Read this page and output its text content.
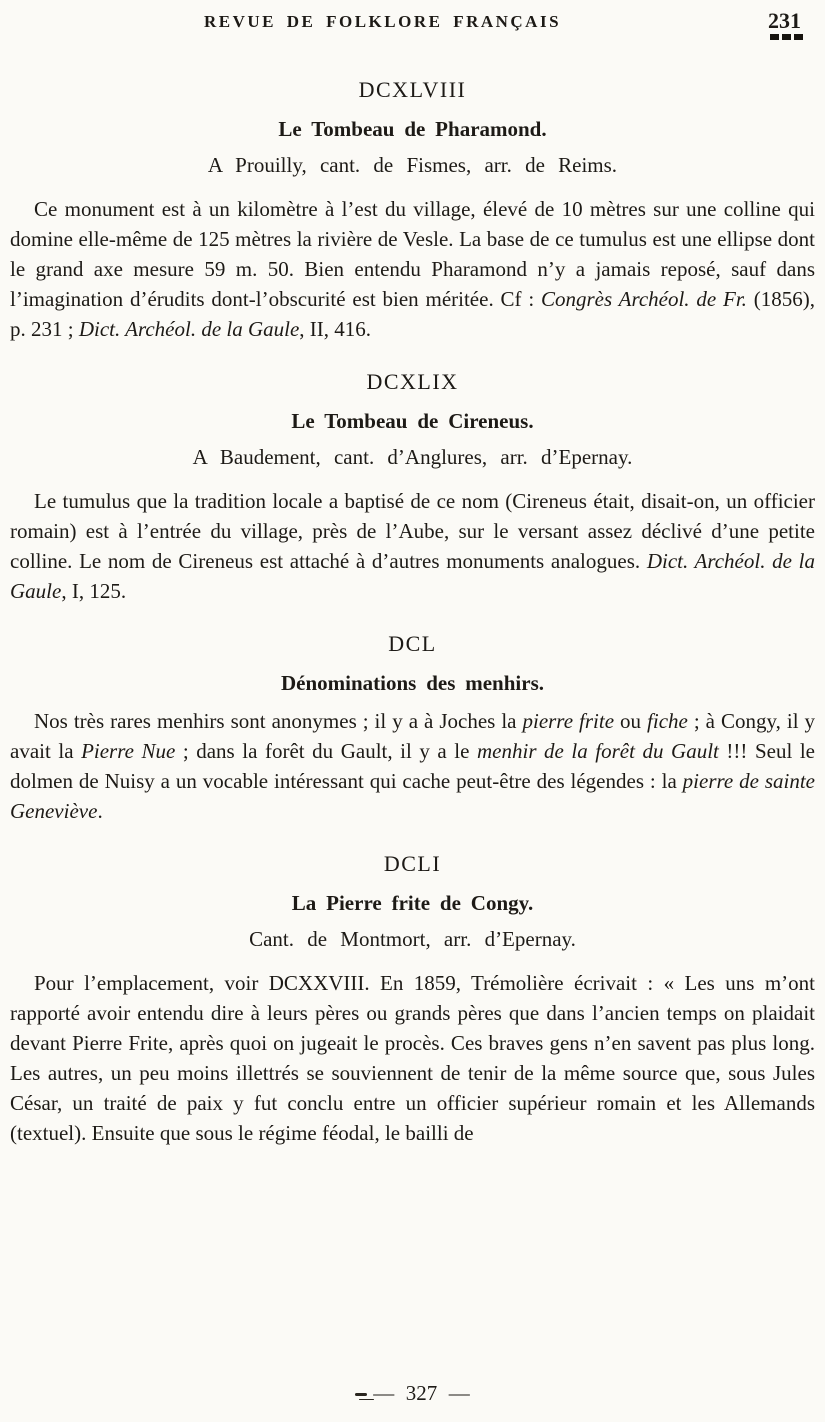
REVUE DE FOLKLORE FRANÇAIS	231
DCXLVIII
Le Tombeau de Pharamond.

A Prouilly, cant. de Fismes, arr. de Reims.

Ce monument est à un kilomètre à l’est du village, élevé de 10 mètres sur une colline qui domine elle-même de 125 mètres la rivière de Vesle. La base de ce tumulus est une ellipse dont le grand axe mesure 59 m. 50. Bien entendu Pharamond n’y a jamais reposé, sauf dans l’imagination d’érudits dont-l’obscurité est bien méritée. Cf : Congrès Archéol. de Fr. (1856), p. 231 ; Dict. Archéol. de la Gaule, II, 416.

DCXLIX
Le Tombeau de Cireneus.

A Baudement, cant. d’Anglures, arr. d’Epernay.

Le tumulus que la tradition locale a baptisé de ce nom (Cireneus était, disait-on, un officier romain) est à l’entrée du village, près de l’Aube, sur le versant assez déclivé d’une petite colline. Le nom de Cireneus est attaché à d’autres monuments analogues. Dict. Archéol. de la Gaule, I, 125.

DCL
Dénominations des menhirs.

Nos très rares menhirs sont anonymes ; il y a à Joches la pierre frite ou fiche ; à Congy, il y avait la Pierre Nue ; dans la forêt du Gault, il y a le menhir de la forêt du Gault !!! Seul le dolmen de Nuisy a un vocable intéressant qui cache peut-être des légendes : la pierre de sainte Geneviève.

DCLI
La Pierre frite de Congy.

Cant. de Montmort, arr. d’Epernay.

Pour l’emplacement, voir DCXXVIII. En 1859, Trémolière écrivait : « Les uns m’ont rapporté avoir entendu dire à leurs pères ou grands pères que dans l’ancien temps on plaidait devant Pierre Frite, après quoi on jugeait le procès. Ces braves gens n’en savent pas plus long. Les autres, un peu moins illettrés se souviennent de tenir de la même source que, sous Jules César, un traité de paix y fut conclu entre un officier supérieur romain et les Allemands (textuel). Ensuite que sous le régime féodal, le bailli de

— 327 —
